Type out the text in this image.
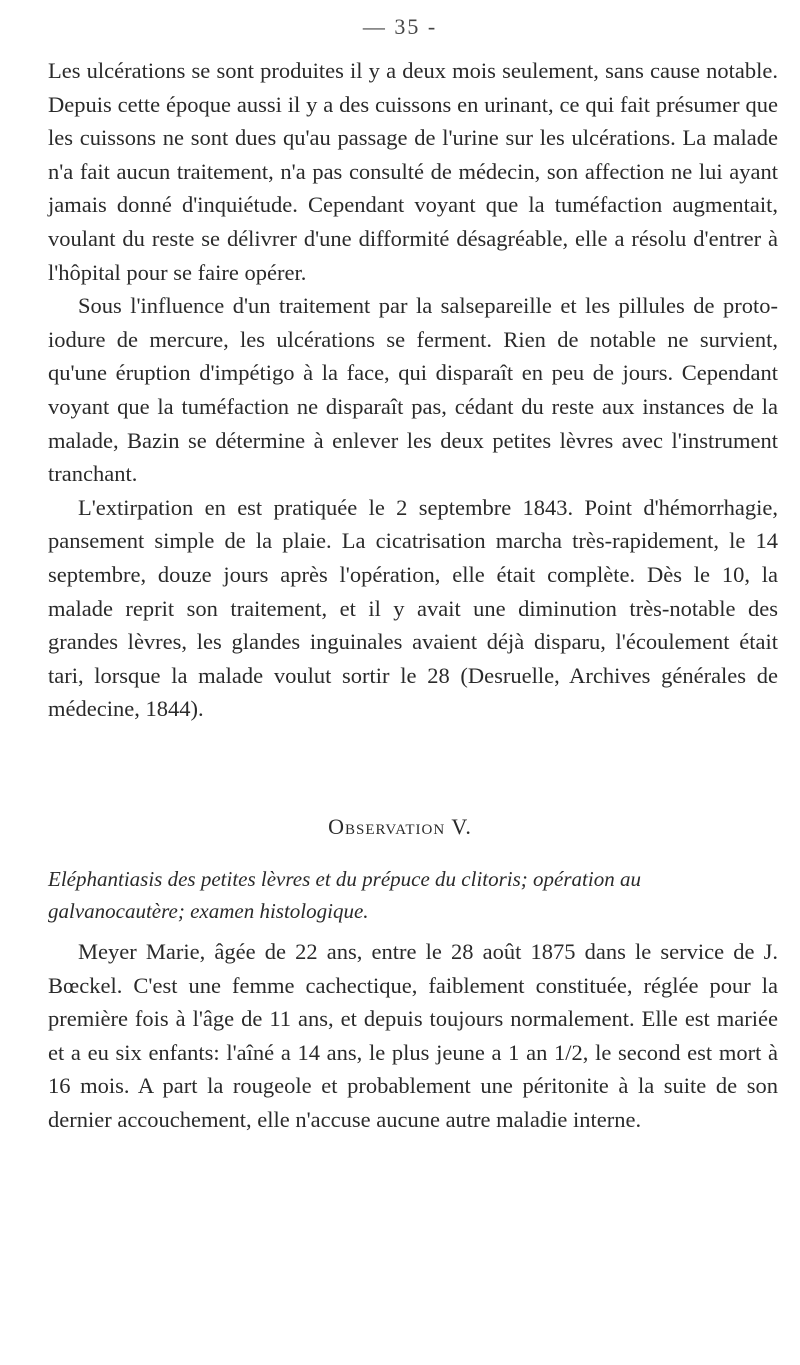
— 35 -

Les ulcérations se sont produites il y a deux mois seulement, sans cause notable. Depuis cette époque aussi il y a des cuissons en urinant, ce qui fait présumer que les cuissons ne sont dues qu'au passage de l'urine sur les ulcérations. La malade n'a fait aucun traitement, n'a pas consulté de médecin, son affection ne lui ayant jamais donné d'inquiétude. Cependant voyant que la tuméfaction augmentait, voulant du reste se délivrer d'une difformité désagréable, elle a résolu d'entrer à l'hôpital pour se faire opérer.

Sous l'influence d'un traitement par la salsepareille et les pillules de proto-iodure de mercure, les ulcérations se ferment. Rien de notable ne survient, qu'une éruption d'impétigo à la face, qui disparaît en peu de jours. Cependant voyant que la tuméfaction ne disparaît pas, cédant du reste aux instances de la malade, Bazin se détermine à enlever les deux petites lèvres avec l'instrument tranchant.

L'extirpation en est pratiquée le 2 septembre 1843. Point d'hémorrhagie, pansement simple de la plaie. La cicatrisation marcha très-rapidement, le 14 septembre, douze jours après l'opération, elle était complète. Dès le 10, la malade reprit son traitement, et il y avait une diminution très-notable des grandes lèvres, les glandes inguinales avaient déjà disparu, l'écoulement était tari, lorsque la malade voulut sortir le 28 (Desruelle, Archives générales de médecine, 1844).

Observation V.
Eléphantiasis des petites lèvres et du prépuce du clitoris; opération au galvanocautère; examen histologique.

Meyer Marie, âgée de 22 ans, entre le 28 août 1875 dans le service de J. Bœckel. C'est une femme cachectique, faiblement constituée, réglée pour la première fois à l'âge de 11 ans, et depuis toujours normalement. Elle est mariée et a eu six enfants: l'aîné a 14 ans, le plus jeune a 1 an 1/2, le second est mort à 16 mois. A part la rougeole et probablement une péritonite à la suite de son dernier accouchement, elle n'accuse aucune autre maladie interne.
